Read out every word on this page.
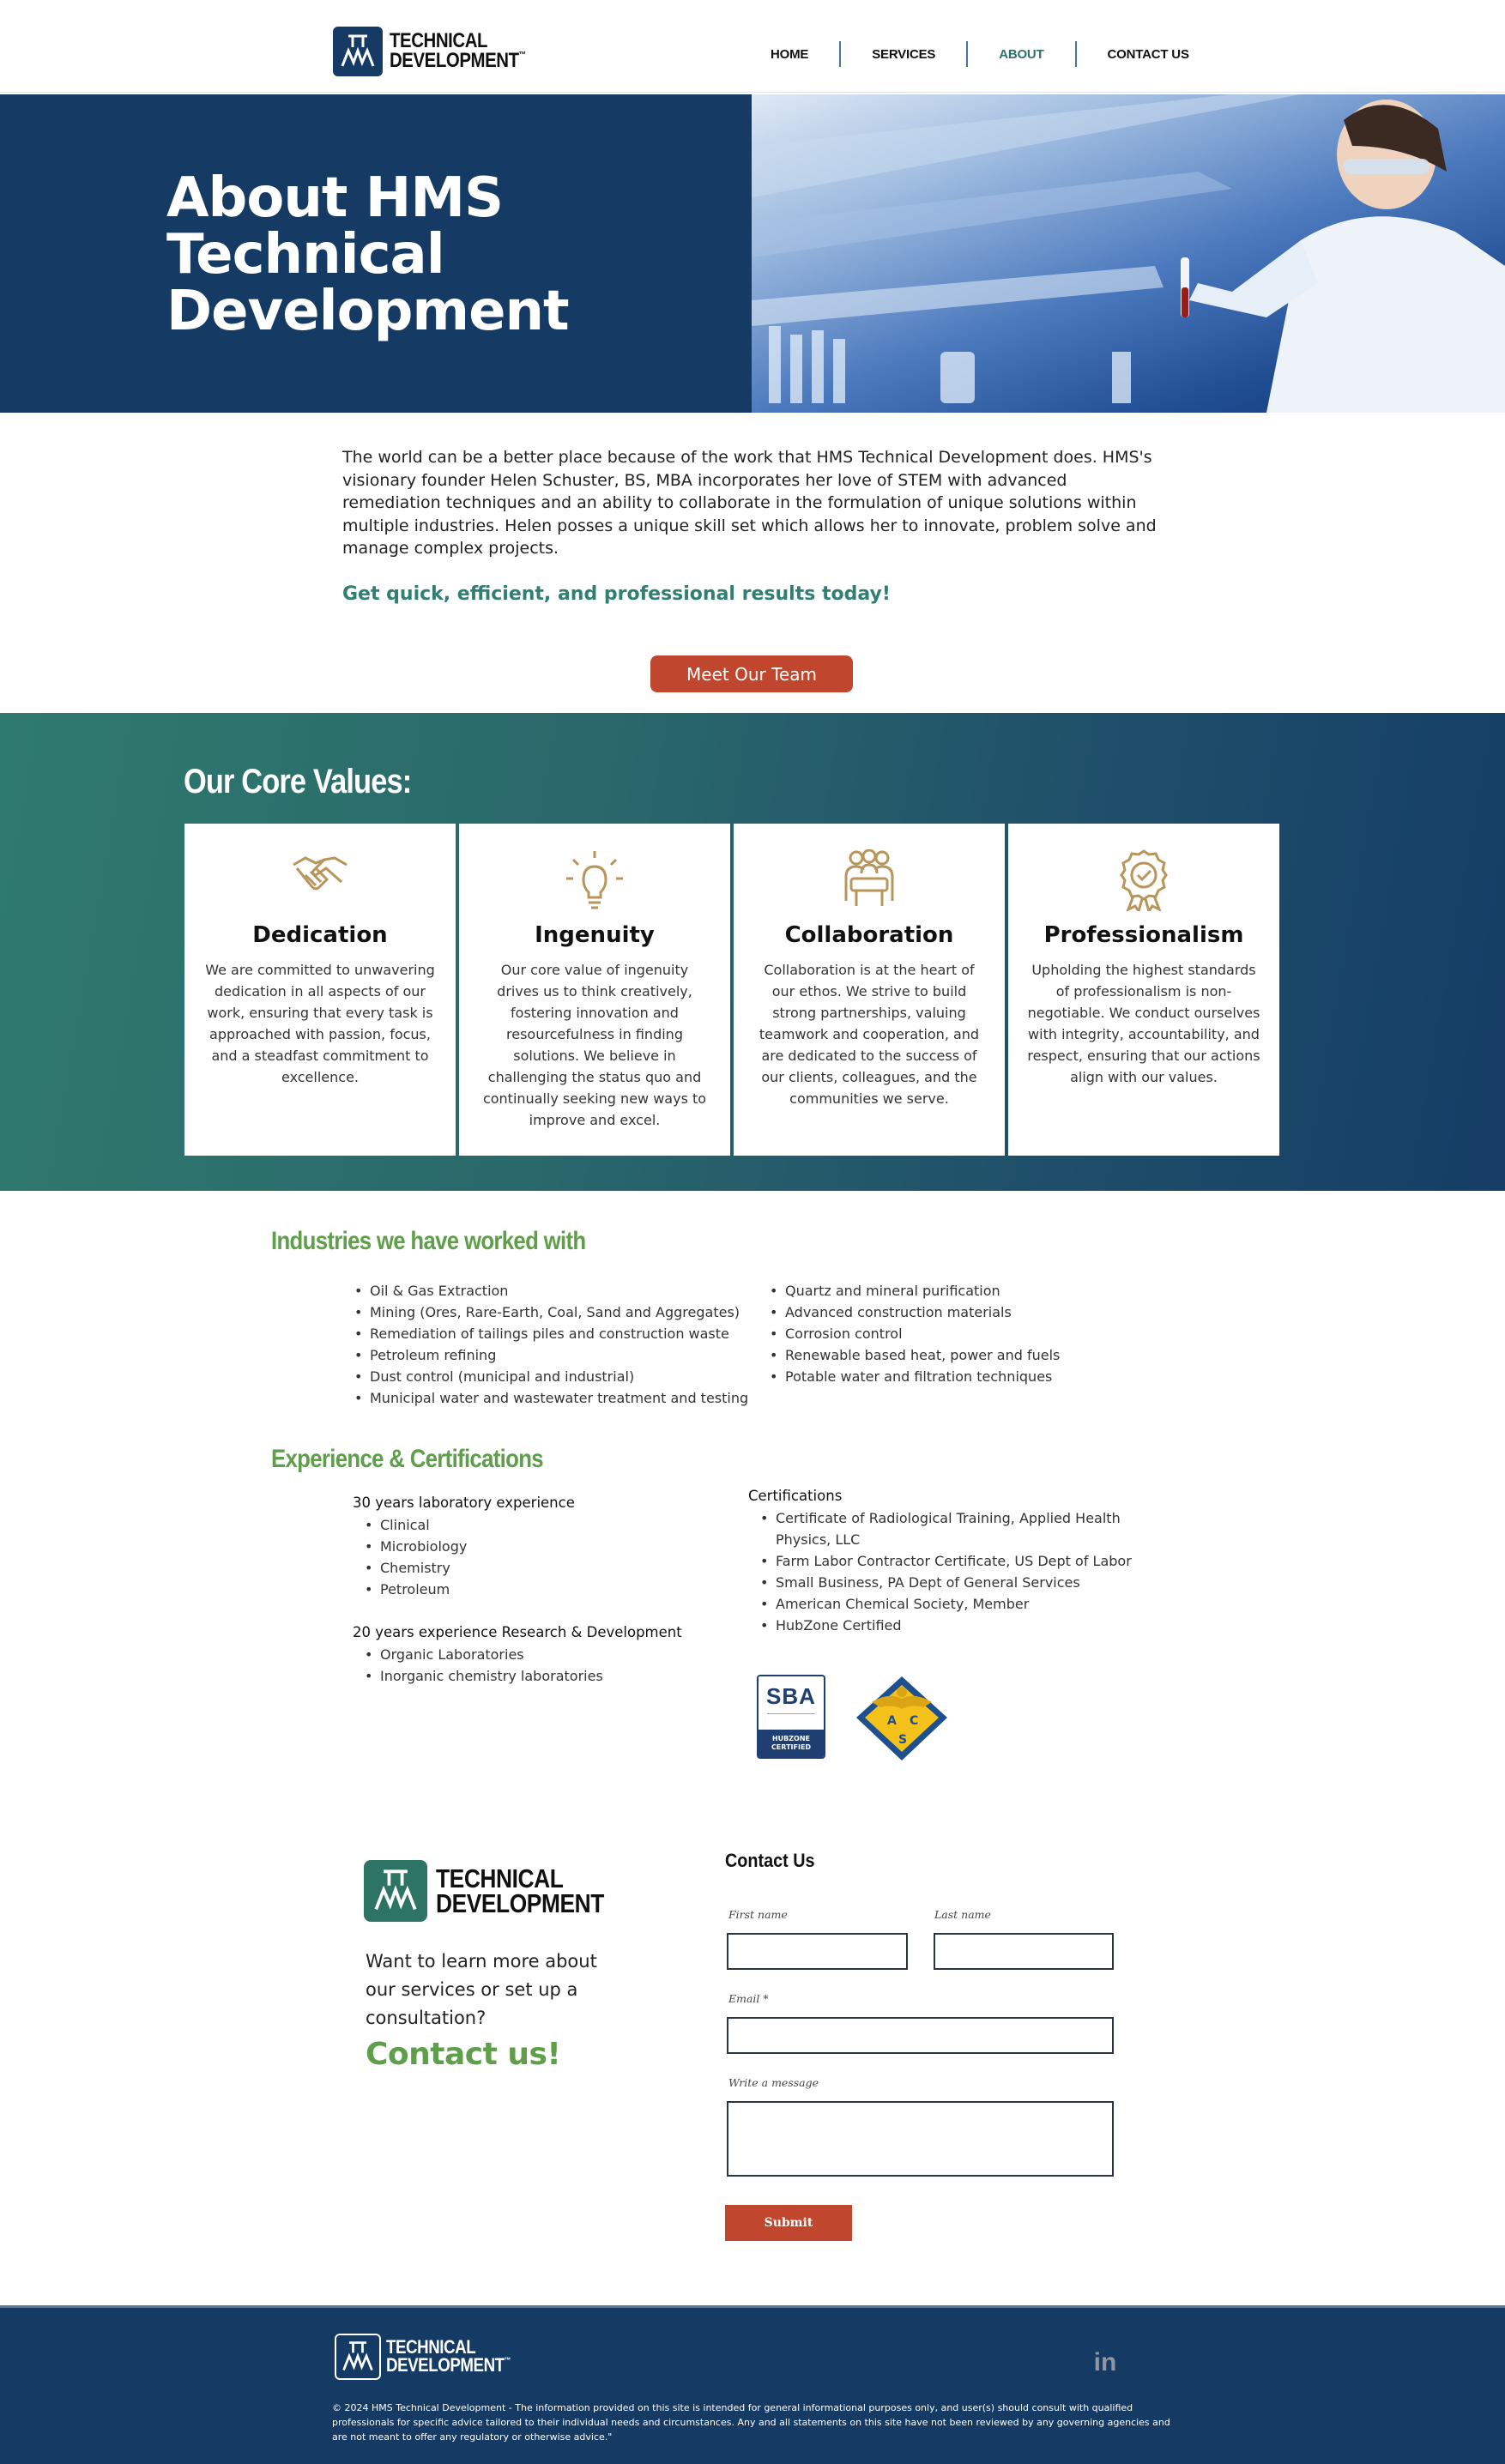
TECHNICAL
DEVELOPMENT™	HOME	SERVICES	ABOUT	CONTACT US
About HMS
Technical
Development

The world can be a better place because of the work that HMS Technical Development does. HMS's visionary founder Helen Schuster, BS, MBA incorporates her love of STEM with advanced remediation techniques and an ability to collaborate in the formulation of unique solutions within multiple industries. Helen posses a unique skill set which allows her to innovate, problem solve and manage complex projects.

Get quick, efficient, and professional results today!

Meet Our Team
Our Core Values:
Dedication

We are committed to unwavering dedication in all aspects of our work, ensuring that every task is approached with passion, focus, and a steadfast commitment to excellence.

Ingenuity

Our core value of ingenuity drives us to think creatively, fostering innovation and resourcefulness in finding solutions. We believe in challenging the status quo and continually seeking new ways to improve and excel.

Collaboration

Collaboration is at the heart of our ethos. We strive to build strong partnerships, valuing teamwork and cooperation, and are dedicated to the success of our clients, colleagues, and the communities we serve.

Professionalism

Upholding the highest standards of professionalism is non-negotiable. We conduct ourselves with integrity, accountability, and respect, ensuring that our actions align with our values.

Industries we have worked with
• Oil & Gas Extraction
• Mining (Ores, Rare-Earth, Coal, Sand and Aggregates)
• Remediation of tailings piles and construction waste
• Petroleum refining
• Dust control (municipal and industrial)
• Municipal water and wastewater treatment and testing
• Quartz and mineral purification
• Advanced construction materials
• Corrosion control
• Renewable based heat, power and fuels
• Potable water and filtration techniques
Experience & Certifications
30 years laboratory experience
• Clinical
• Microbiology
• Chemistry
• Petroleum
20 years experience Research & Development
• Organic Laboratories
• Inorganic chemistry laboratories
Certifications
• Certificate of Radiological Training, Applied Health Physics, LLC
• Farm Labor Contractor Certificate, US Dept of Labor
• Small Business, PA Dept of General Services
• American Chemical Society, Member
• HubZone Certified
SBA
HUBZONE CERTIFIED
A C
S
TECHNICAL
DEVELOPMENT

Want to learn more about our services or set up a consultation?

Contact us!

Contact Us
First name	Last name
Email *
Write a message
Submit
TECHNICAL
DEVELOPMENT™	in

© 2024 HMS Technical Development - The information provided on this site is intended for general informational purposes only, and user(s) should consult with qualified professionals for specific advice tailored to their individual needs and circumstances. Any and all statements on this site have not been reviewed by any governing agencies and are not meant to offer any regulatory or otherwise advice."
